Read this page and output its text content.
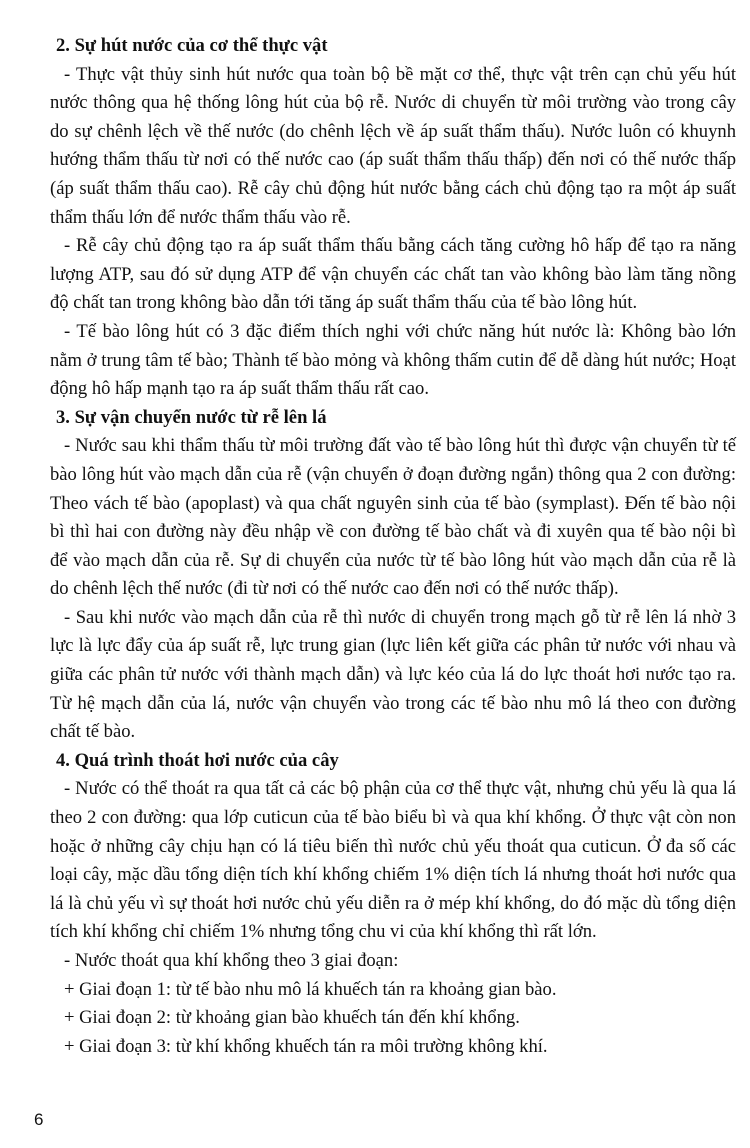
2. Sự hút nước của cơ thể thực vật

- Thực vật thủy sinh hút nước qua toàn bộ bề mặt cơ thể, thực vật trên cạn chủ yếu hút nước thông qua hệ thống lông hút của bộ rễ. Nước di chuyển từ môi trường vào trong cây do sự chênh lệch về thế nước (do chênh lệch về áp suất thẩm thấu). Nước luôn có khuynh hướng thẩm thấu từ nơi có thế nước cao (áp suất thẩm thấu thấp) đến nơi có thế nước thấp (áp suất thẩm thấu cao). Rễ cây chủ động hút nước bằng cách chủ động tạo ra một áp suất thẩm thấu lớn để nước thẩm thấu vào rễ.

- Rễ cây chủ động tạo ra áp suất thẩm thấu bằng cách tăng cường hô hấp để tạo ra năng lượng ATP, sau đó sử dụng ATP để vận chuyển các chất tan vào không bào làm tăng nồng độ chất tan trong không bào dẫn tới tăng áp suất thẩm thấu của tế bào lông hút.

- Tế bào lông hút có 3 đặc điểm thích nghi với chức năng hút nước là: Không bào lớn nằm ở trung tâm tế bào; Thành tế bào mỏng và không thấm cutin để dễ dàng hút nước; Hoạt động hô hấp mạnh tạo ra áp suất thẩm thấu rất cao.

3. Sự vận chuyển nước từ rễ lên lá

- Nước sau khi thẩm thấu từ môi trường đất vào tế bào lông hút thì được vận chuyển từ tế bào lông hút vào mạch dẫn của rễ (vận chuyển ở đoạn đường ngắn) thông qua 2 con đường: Theo vách tế bào (apoplast) và qua chất nguyên sinh của tế bào (symplast). Đến tế bào nội bì thì hai con đường này đều nhập về con đường tế bào chất và đi xuyên qua tế bào nội bì để vào mạch dẫn của rễ. Sự di chuyển của nước từ tế bào lông hút vào mạch dẫn của rễ là do chênh lệch thế nước (đi từ nơi có thế nước cao đến nơi có thế nước thấp).

- Sau khi nước vào mạch dẫn của rễ thì nước di chuyển trong mạch gỗ từ rễ lên lá nhờ 3 lực là lực đẩy của áp suất rễ, lực trung gian (lực liên kết giữa các phân tử nước với nhau và giữa các phân tử nước với thành mạch dẫn) và lực kéo của lá do lực thoát hơi nước tạo ra. Từ hệ mạch dẫn của lá, nước vận chuyển vào trong các tế bào nhu mô lá theo con đường chất tế bào.

4. Quá trình thoát hơi nước của cây

- Nước có thể thoát ra qua tất cả các bộ phận của cơ thể thực vật, nhưng chủ yếu là qua lá theo 2 con đường: qua lớp cuticun của tế bào biểu bì và qua khí khổng. Ở thực vật còn non hoặc ở những cây chịu hạn có lá tiêu biến thì nước chủ yếu thoát qua cuticun. Ở đa số các loại cây, mặc dầu tổng diện tích khí khổng chiếm 1% diện tích lá nhưng thoát hơi nước qua lá là chủ yếu vì sự thoát hơi nước chủ yếu diễn ra ở mép khí khổng, do đó mặc dù tổng diện tích khí khổng chỉ chiếm 1% nhưng tổng chu vi của khí khổng thì rất lớn.

- Nước thoát qua khí khổng theo 3 giai đoạn:

+ Giai đoạn 1: từ tế bào nhu mô lá khuếch tán ra khoảng gian bào.

+ Giai đoạn 2: từ khoảng gian bào khuếch tán đến khí khổng.

+ Giai đoạn 3: từ khí khổng khuếch tán ra môi trường không khí.

6
